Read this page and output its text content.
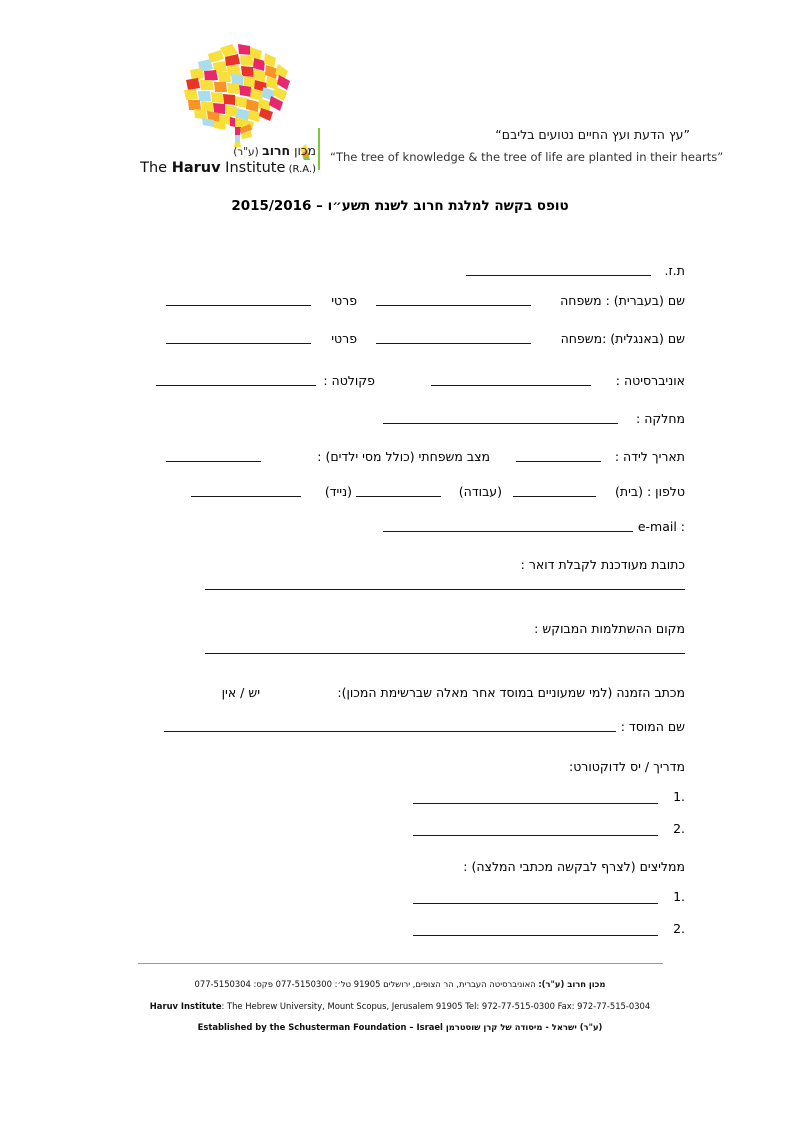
מכון חרוב (ע"ר)
The Haruv Institute (R.A.)
”עץ הדעת ועץ החיים נטועים בליבם“
“The tree of knowledge & the tree of life are planted in their hearts”
טופס בקשה למלגת חרוב לשנת תשע״ו – 2015/2016
ת.ז.
שם (בעברית) : משפחה
פרטי
שם (באנגלית) :משפחה
פרטי
אוניברסיטה :
פקולטה :
מחלקה :
תאריך לידה :
מצב משפחתי (כולל מסי ילדים) :
טלפון : (בית)
(עבודה)
(נייד)
e-mail :
כתובת מעודכנת לקבלת דואר :
מקום ההשתלמות המבוקש :
מכתב הזמנה (למי שמעוניים במוסד אחר מאלה שברשימת המכון):
יש / אין
שם המוסד :
מדריך / יס לדוקטורט:
.1
.2
ממליצים (לצרף לבקשה מכתבי המלצה) :
.1
.2
מכון חרוב (ע"ר): האוניברסיטה העברית, הר הצופים, ירושלים 91905 טל׳: 077-5150300 פקס: 077-5150304
Haruv Institute: The Hebrew University, Mount Scopus, Jerusalem 91905 Tel: 972-77-515-0300 Fax: 972-77-515-0304
Established by the Schusterman Foundation – Israel (ע"ר) ישראל - מיסודה של קרן שוסטרמן
